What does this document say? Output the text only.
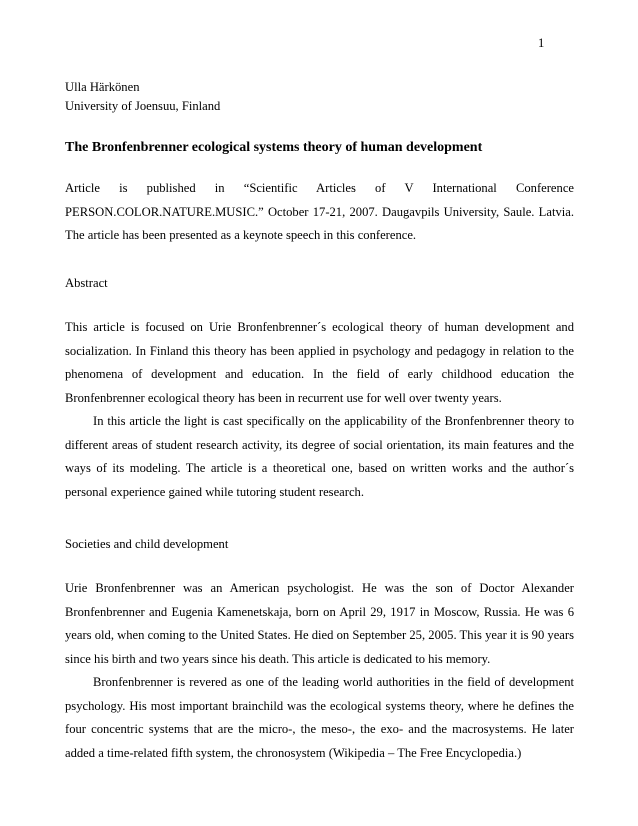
1
Ulla Härkönen
University of Joensuu, Finland
The Bronfenbrenner ecological systems theory of human development
Article is published in “Scientific Articles of V International Conference
PERSON.COLOR.NATURE.MUSIC.” October 17-21, 2007. Daugavpils University, Saule. Latvia.
The article has been presented as a keynote speech in this conference.
Abstract
This article is focused on Urie Bronfenbrenner´s ecological theory of human development and
socialization. In Finland this theory has been applied in psychology and pedagogy in relation to the
phenomena of development and education. In the field of early childhood education the
Bronfenbrenner ecological theory has been in recurrent use for well over twenty years.
In this article the light is cast specifically on the applicability of the Bronfenbrenner theory to
different areas of student research activity, its degree of social orientation, its main features and the
ways of its modeling. The article is a theoretical one, based on written works and the author´s
personal experience gained while tutoring student research.
Societies and child development
Urie Bronfenbrenner was an American psychologist. He was the son of Doctor Alexander
Bronfenbrenner and Eugenia Kamenetskaja, born on April 29, 1917 in Moscow, Russia. He was 6
years old, when coming to the United States. He died on September 25, 2005. This year it is 90 years
since his birth and two years since his death. This article is dedicated to his memory.
Bronfenbrenner is revered as one of the leading world authorities in the field of development
psychology. His most important brainchild was the ecological systems theory, where he defines the
four concentric systems that are the micro-, the meso-, the exo- and the macrosystems. He later
added a time-related fifth system, the chronosystem (Wikipedia – The Free Encyclopedia.)
